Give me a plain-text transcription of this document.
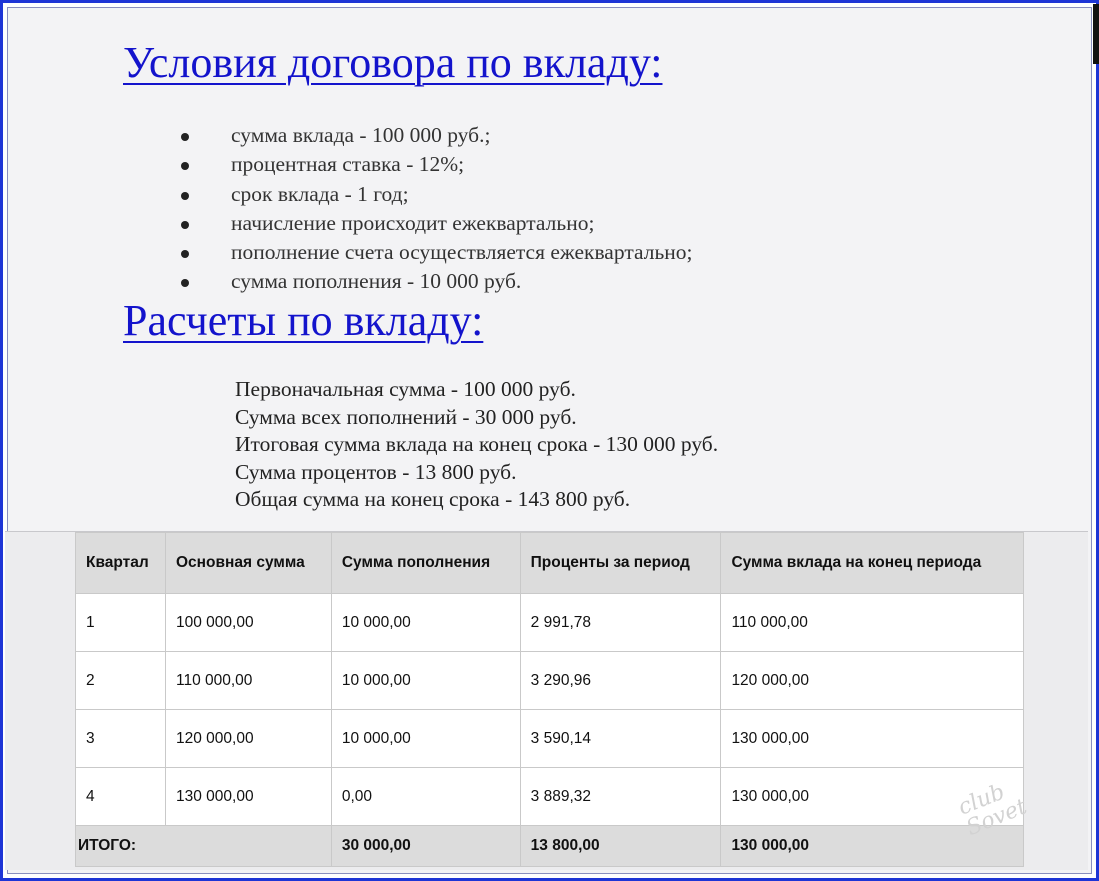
Условия договора по вкладу:
сумма вклада - 100 000 руб.;
процентная ставка - 12%;
срок вклада - 1 год;
начисление происходит ежеквартально;
пополнение счета осуществляется ежеквартально;
сумма пополнения - 10 000 руб.
Расчеты по вкладу:
Первоначальная сумма - 100 000 руб.
Сумма всех пополнений - 30 000 руб.
Итоговая сумма вклада на конец срока - 130 000 руб.
Сумма процентов - 13 800 руб.
Общая сумма на конец срока - 143 800 руб.
Квартал	Основная сумма	Сумма пополнения	Проценты за период	Сумма вклада на конец периода
1	100 000,00	10 000,00	2 991,78	110 000,00
2	110 000,00	10 000,00	3 290,96	120 000,00
3	120 000,00	10 000,00	3 590,14	130 000,00
4	130 000,00	0,00	3 889,32	130 000,00
ИТОГО:		30 000,00	13 800,00	130 000,00
club Sovet
